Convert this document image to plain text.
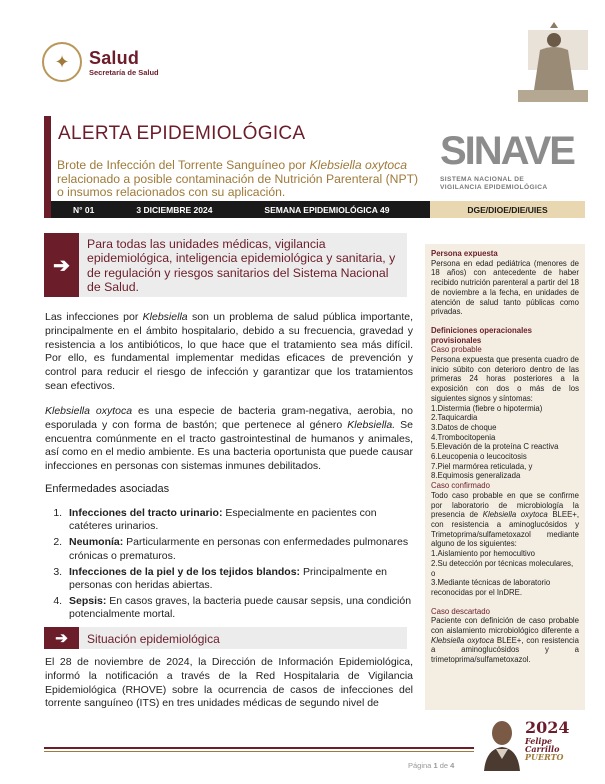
✦	Salud
Secretaría de Salud
ALERTA EPIDEMIOLÓGICA
Brote de Infección del Torrente Sanguíneo por Klebsiella oxytoca relacionado a posible contaminación de Nutrición Parenteral (NPT) o insumos relacionados con su aplicación.
SINAVE
SISTEMA NACIONAL DE
VIGILANCIA EPIDEMIOLÓGICA
N° 01	3 DICIEMBRE 2024	SEMANA EPIDEMIOLÓGICA 49	DGE/DIOE/DIE/UIES
➔
Para todas las unidades médicas, vigilancia epidemiológica, inteligencia epidemiológica y sanitaria, y de regulación y riesgos sanitarios del Sistema Nacional de Salud.

Las infecciones por Klebsiella son un problema de salud pública importante, principalmente en el ámbito hospitalario, debido a su frecuencia, gravedad y resistencia a los antibióticos, lo que hace que el tratamiento sea más difícil. Por ello, es fundamental implementar medidas eficaces de prevención y control para reducir el riesgo de infección y garantizar que los tratamientos sean efectivos.

Klebsiella oxytoca es una especie de bacteria gram-negativa, aerobia, no esporulada y con forma de bastón; que pertenece al género Klebsiella. Se encuentra comúnmente en el tracto gastrointestinal de humanos y animales, así como en el medio ambiente. Es una bacteria oportunista que puede causar infecciones en personas con sistemas inmunes debilitados.

Enfermedades asociadas
1. Infecciones del tracto urinario: Especialmente en pacientes con catéteres urinarios.
2. Neumonía: Particularmente en personas con enfermedades pulmonares crónicas o prematuros.
3. Infecciones de la piel y de los tejidos blandos: Principalmente en personas con heridas abiertas.
4. Sepsis: En casos graves, la bacteria puede causar sepsis, una condición potencialmente mortal.
➔	Situación epidemiológica

El 28 de noviembre de 2024, la Dirección de Información Epidemiológica, informó la notificación a través de la Red Hospitalaria de Vigilancia Epidemiológica (RHOVE) sobre la ocurrencia de casos de infecciones del torrente sanguíneo (ITS) en tres unidades médicas de segundo nivel de

Persona expuesta

Persona en edad pediátrica (menores de 18 años) con antecedente de haber recibido nutrición parenteral a partir del 18 de noviembre a la fecha, en unidades de atención de salud tanto públicas como privadas.

Definiciones operacionales provisionales
Caso probable

Persona expuesta que presenta cuadro de inicio súbito con deterioro dentro de las primeras 24 horas posteriores a la exposición con dos o más de los siguientes signos y síntomas:

1.Distermia (fiebre o hipotermia)
2.Taquicardia
3.Datos de choque
4.Trombocitopenia
5.Elevación de la proteína C reactiva
6.Leucopenia o leucocitosis
7.Piel marmórea reticulada, y
8.Equimosis generalizada
Caso confirmado

Todo caso probable en que se confirme por laboratorio de microbiología la presencia de Klebsiella oxytoca BLEE+, con resistencia a aminoglucósidos y Trimetoprima/sulfametoxazol mediante alguno de los siguientes:

1.Aislamiento por hemocultivo
2.Su detección por técnicas moleculares, o
3.Mediante técnicas de laboratorio reconocidas por el InDRE.
Caso descartado

Paciente con definición de caso probable con aislamiento microbiológico diferente a Klebsiella oxytoca BLEE+, con resistencia a aminoglucósidos y a trimetoprima/sulfametoxazol.

Página 1 de 4
2024
Felipe Carrillo
PUERTO
